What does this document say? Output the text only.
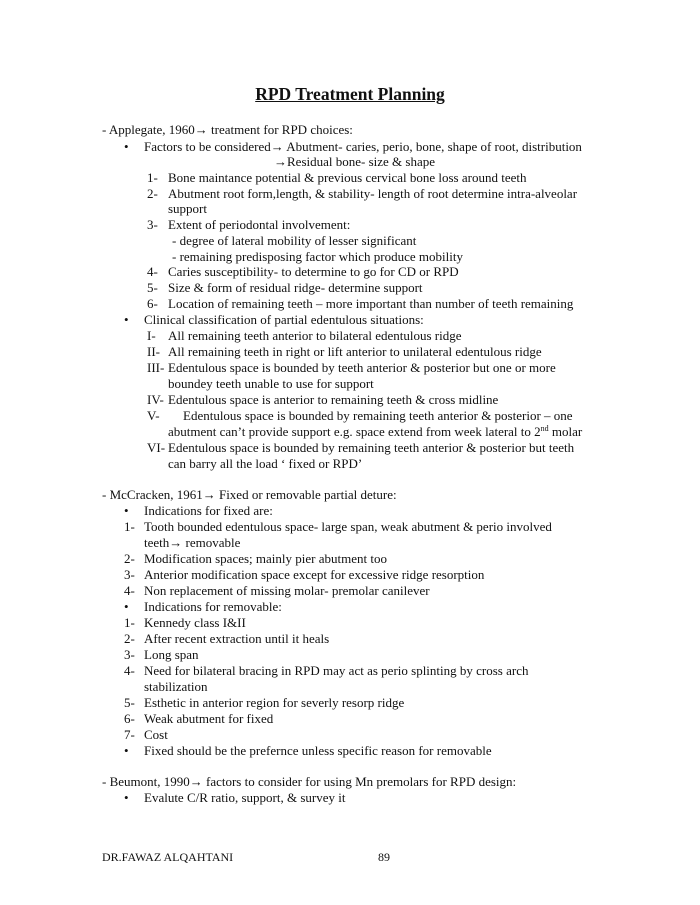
RPD Treatment Planning
- Applegate, 1960→ treatment for RPD choices:
• Factors to be considered→ Abutment- caries, perio, bone, shape of root, distribution
→Residual bone- size & shape
1- Bone maintance potential & previous cervical bone loss around teeth
2- Abutment root form,length, & stability- length of root determine intra-alveolar
support
3- Extent of periodontal involvement:
- degree of lateral mobility of lesser significant
- remaining predisposing factor which produce mobility
4- Caries susceptibility- to determine to go for CD or RPD
5- Size & form of residual ridge- determine support
6- Location of remaining teeth – more important than number of teeth remaining
• Clinical classification of partial edentulous situations:
I- All remaining teeth anterior to bilateral edentulous ridge
II- All remaining teeth in right or lift anterior to unilateral edentulous ridge
III- Edentulous space is bounded by teeth anterior & posterior but one or more
boundey teeth unable to use for support
IV- Edentulous space is anterior to remaining teeth & cross midline
V- Edentulous space is bounded by remaining teeth anterior & posterior – one
abutment can’t provide support e.g. space extend from week lateral to 2nd molar
VI- Edentulous space is bounded by remaining teeth anterior & posterior but teeth
can barry all the load ‘ fixed or RPD’
- McCracken, 1961→ Fixed or removable partial deture:
• Indications for fixed are:
1- Tooth bounded edentulous space- large span, weak abutment & perio involved
teeth→ removable
2- Modification spaces; mainly pier abutment too
3- Anterior modification space except for excessive ridge resorption
4- Non replacement of missing molar- premolar canilever
• Indications for removable:
1- Kennedy class I&II
2- After recent extraction until it heals
3- Long span
4- Need for bilateral bracing in RPD may act as perio splinting by cross arch
stabilization
5- Esthetic in anterior region for severly resorp ridge
6- Weak abutment for fixed
7- Cost
• Fixed should be the prefernce unless specific reason for removable
- Beumont, 1990→ factors to consider for using Mn premolars for RPD design:
• Evalute C/R ratio, support, & survey it
DR.FAWAZ ALQAHTANI	89
